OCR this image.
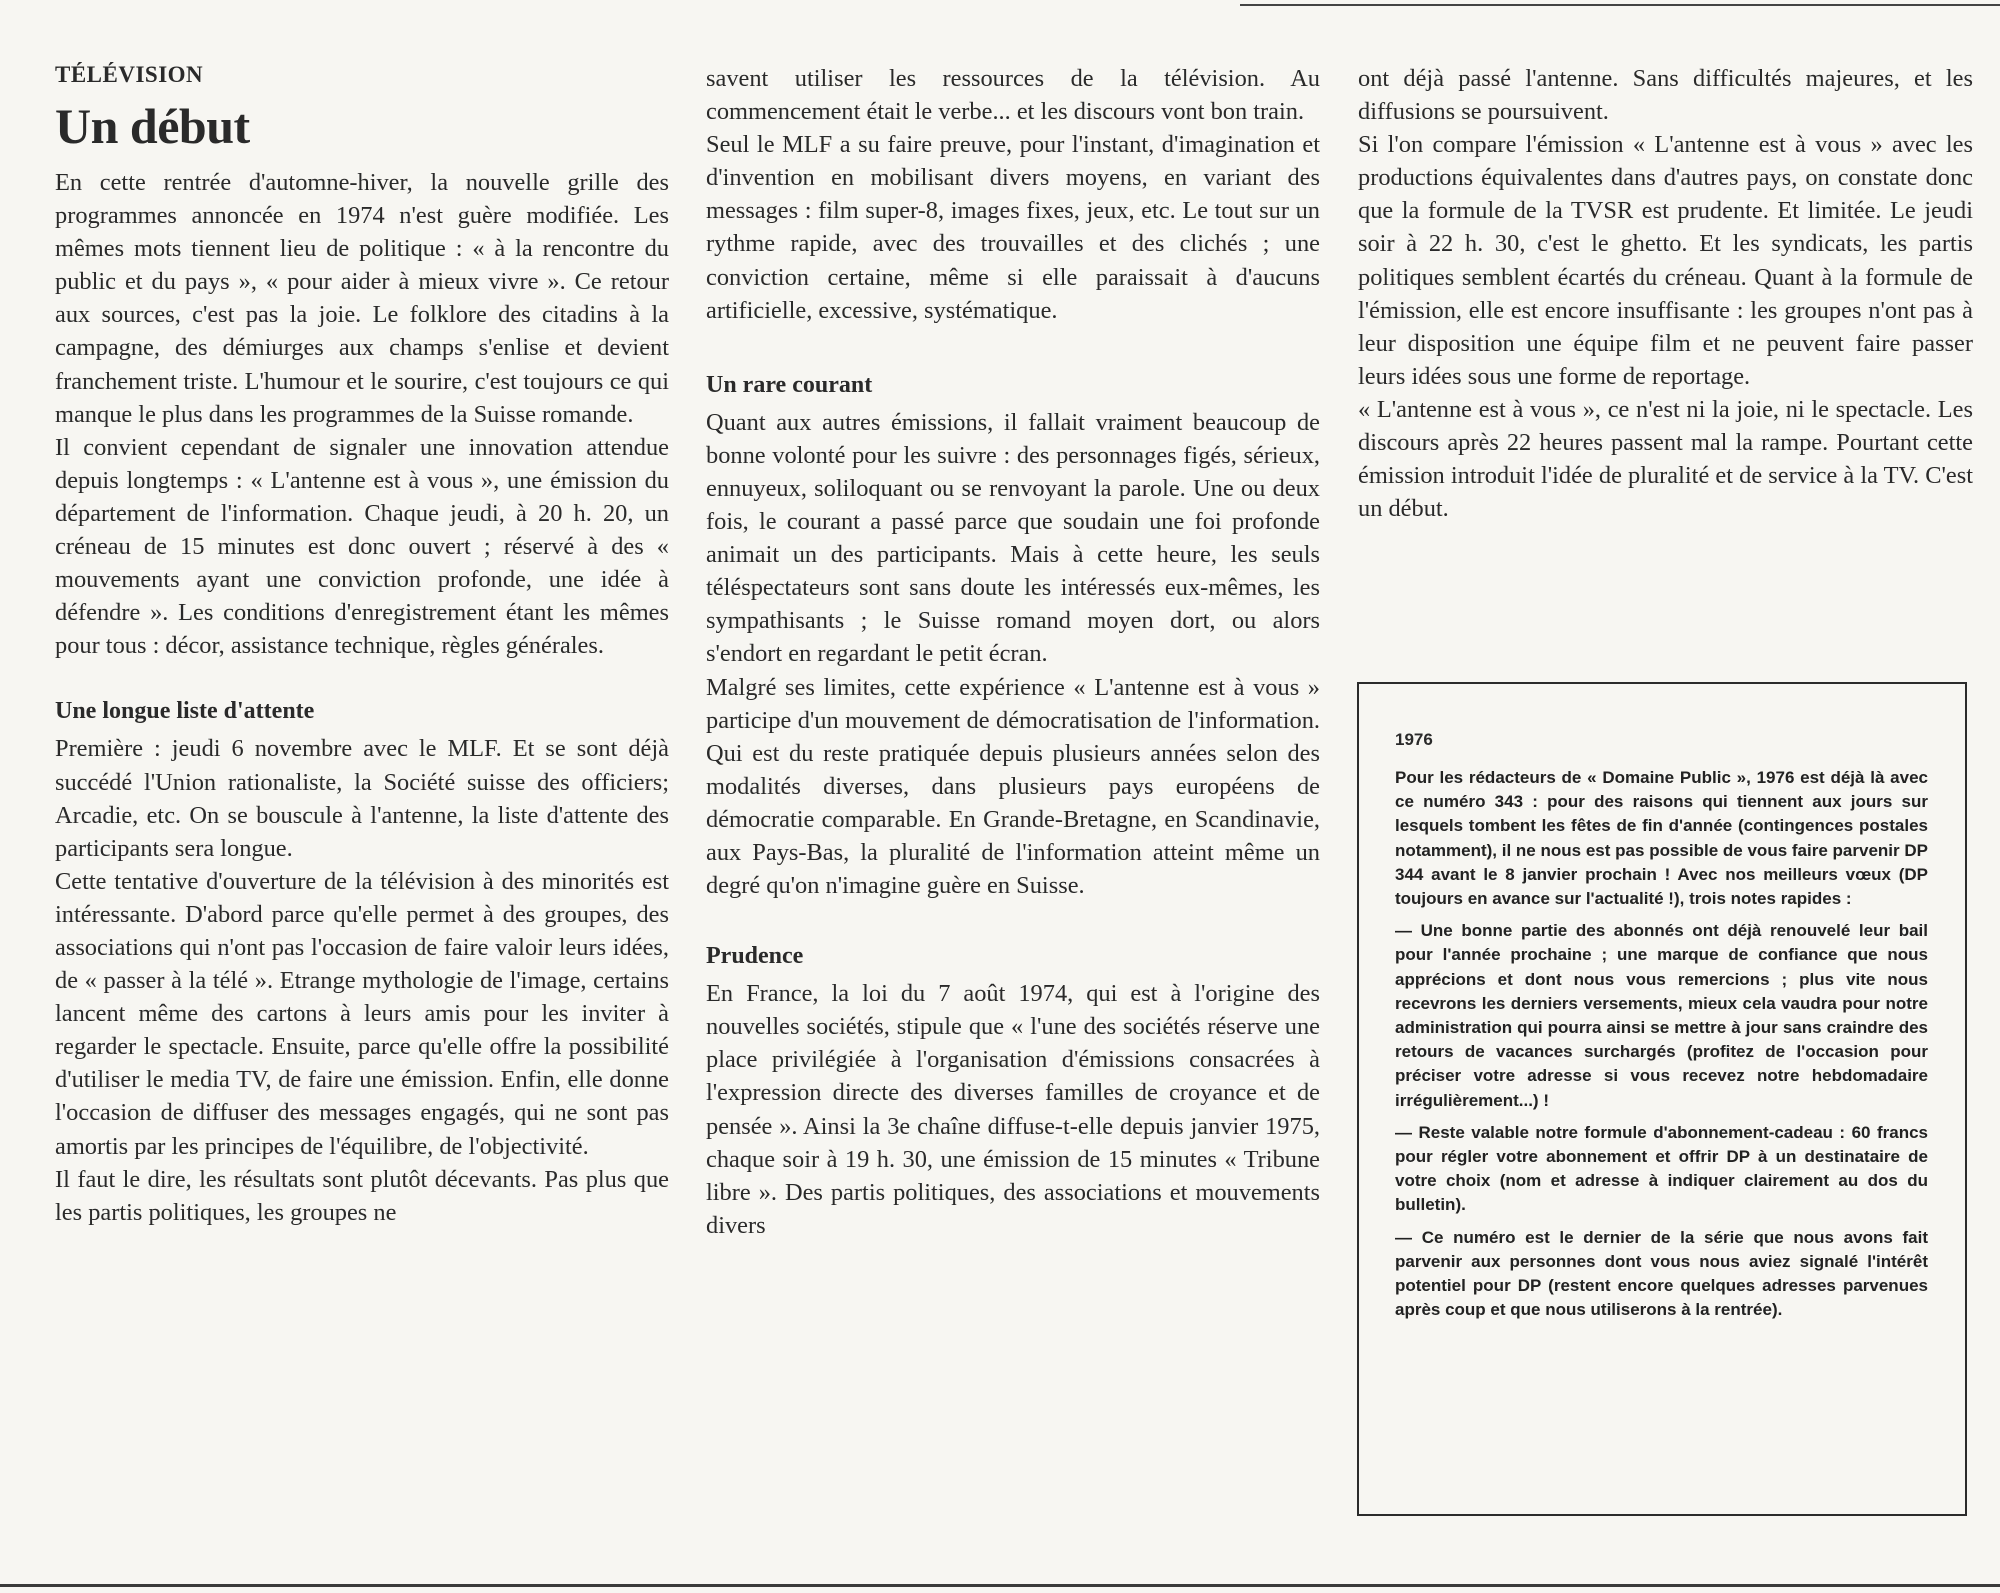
TÉLÉVISION
Un début

En cette rentrée d'automne-hiver, la nouvelle grille des programmes annoncée en 1974 n'est guère modifiée. Les mêmes mots tiennent lieu de politique : « à la rencontre du public et du pays », « pour aider à mieux vivre ». Ce retour aux sources, c'est pas la joie. Le folklore des citadins à la campagne, des démiurges aux champs s'enlise et devient franchement triste. L'humour et le sourire, c'est toujours ce qui manque le plus dans les programmes de la Suisse romande.

Il convient cependant de signaler une innovation attendue depuis longtemps : « L'antenne est à vous », une émission du département de l'information. Chaque jeudi, à 20 h. 20, un créneau de 15 minutes est donc ouvert ; réservé à des « mouvements ayant une conviction profonde, une idée à défendre ». Les conditions d'enregistrement étant les mêmes pour tous : décor, assistance technique, règles générales.

Une longue liste d'attente

Première : jeudi 6 novembre avec le MLF. Et se sont déjà succédé l'Union rationaliste, la Société suisse des officiers; Arcadie, etc. On se bouscule à l'antenne, la liste d'attente des participants sera longue.

Cette tentative d'ouverture de la télévision à des minorités est intéressante. D'abord parce qu'elle permet à des groupes, des associations qui n'ont pas l'occasion de faire valoir leurs idées, de « passer à la télé ». Etrange mythologie de l'image, certains lancent même des cartons à leurs amis pour les inviter à regarder le spectacle. Ensuite, parce qu'elle offre la possibilité d'utiliser le media TV, de faire une émission. Enfin, elle donne l'occasion de diffuser des messages engagés, qui ne sont pas amortis par les principes de l'équilibre, de l'objectivité.

Il faut le dire, les résultats sont plutôt décevants. Pas plus que les partis politiques, les groupes ne

savent utiliser les ressources de la télévision. Au commencement était le verbe... et les discours vont bon train.

Seul le MLF a su faire preuve, pour l'instant, d'imagination et d'invention en mobilisant divers moyens, en variant des messages : film super-8, images fixes, jeux, etc. Le tout sur un rythme rapide, avec des trouvailles et des clichés ; une conviction certaine, même si elle paraissait à d'aucuns artificielle, excessive, systématique.

Un rare courant

Quant aux autres émissions, il fallait vraiment beaucoup de bonne volonté pour les suivre : des personnages figés, sérieux, ennuyeux, soliloquant ou se renvoyant la parole. Une ou deux fois, le courant a passé parce que soudain une foi profonde animait un des participants. Mais à cette heure, les seuls téléspectateurs sont sans doute les intéressés eux-mêmes, les sympathisants ; le Suisse romand moyen dort, ou alors s'endort en regardant le petit écran.

Malgré ses limites, cette expérience « L'antenne est à vous » participe d'un mouvement de démocratisation de l'information. Qui est du reste pratiquée depuis plusieurs années selon des modalités diverses, dans plusieurs pays européens de démocratie comparable. En Grande-Bretagne, en Scandinavie, aux Pays-Bas, la pluralité de l'information atteint même un degré qu'on n'imagine guère en Suisse.

Prudence

En France, la loi du 7 août 1974, qui est à l'origine des nouvelles sociétés, stipule que « l'une des sociétés réserve une place privilégiée à l'organisation d'émissions consacrées à l'expression directe des diverses familles de croyance et de pensée ». Ainsi la 3e chaîne diffuse-t-elle depuis janvier 1975, chaque soir à 19 h. 30, une émission de 15 minutes « Tribune libre ». Des partis politiques, des associations et mouvements divers

ont déjà passé l'antenne. Sans difficultés majeures, et les diffusions se poursuivent.

Si l'on compare l'émission « L'antenne est à vous » avec les productions équivalentes dans d'autres pays, on constate donc que la formule de la TVSR est prudente. Et limitée. Le jeudi soir à 22 h. 30, c'est le ghetto. Et les syndicats, les partis politiques semblent écartés du créneau. Quant à la formule de l'émission, elle est encore insuffisante : les groupes n'ont pas à leur disposition une équipe film et ne peuvent faire passer leurs idées sous une forme de reportage.

« L'antenne est à vous », ce n'est ni la joie, ni le spectacle. Les discours après 22 heures passent mal la rampe. Pourtant cette émission introduit l'idée de pluralité et de service à la TV. C'est un début.

1976
Pour les rédacteurs de « Domaine Public », 1976 est déjà là avec ce numéro 343 : pour des raisons qui tiennent aux jours sur lesquels tombent les fêtes de fin d'année (contingences postales notamment), il ne nous est pas possible de vous faire parvenir DP 344 avant le 8 janvier prochain ! Avec nos meilleurs vœux (DP toujours en avance sur l'actualité !), trois notes rapides :
— Une bonne partie des abonnés ont déjà renouvelé leur bail pour l'année prochaine ; une marque de confiance que nous apprécions et dont nous vous remercions ; plus vite nous recevrons les derniers versements, mieux cela vaudra pour notre administration qui pourra ainsi se mettre à jour sans craindre des retours de vacances surchargés (profitez de l'occasion pour préciser votre adresse si vous recevez notre hebdomadaire irrégulièrement...) !
— Reste valable notre formule d'abonnement-cadeau : 60 francs pour régler votre abonnement et offrir DP à un destinataire de votre choix (nom et adresse à indiquer clairement au dos du bulletin).
— Ce numéro est le dernier de la série que nous avons fait parvenir aux personnes dont vous nous aviez signalé l'intérêt potentiel pour DP (restent encore quelques adresses parvenues après coup et que nous utiliserons à la rentrée).
